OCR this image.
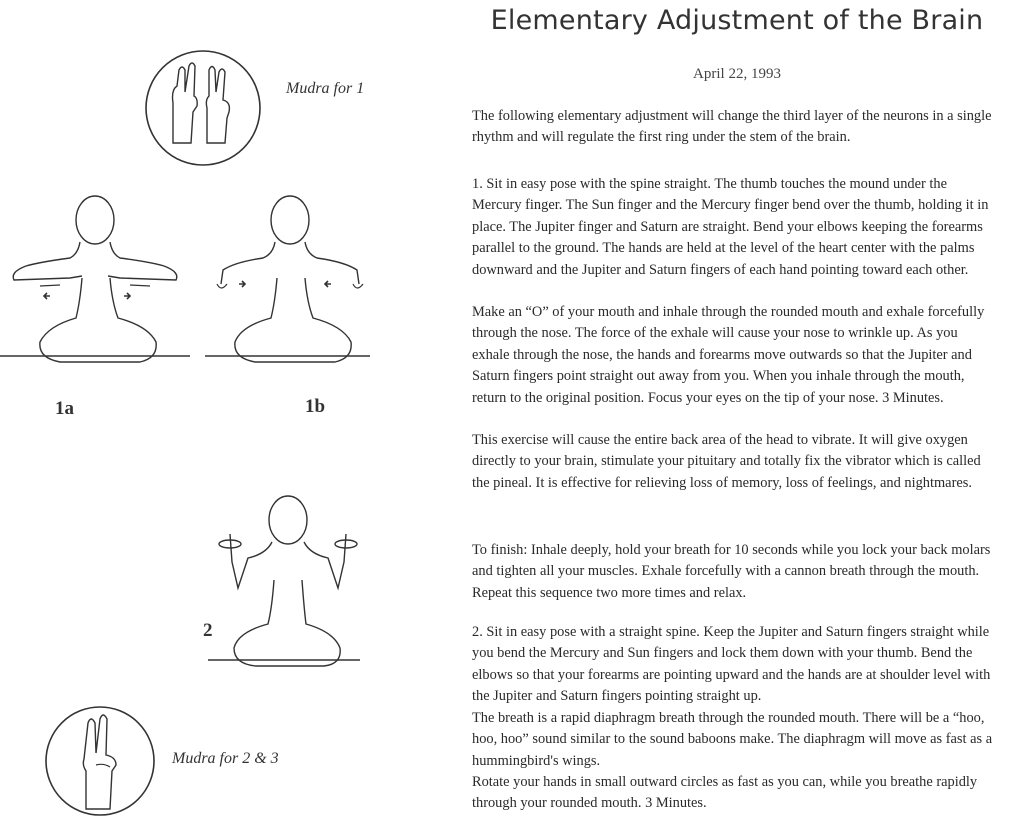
Mudra for 1
1a	1b
2
Mudra for 2 & 3
Elementary Adjustment of the Brain
April 22, 1993

The following elementary adjustment will change the third layer of the neurons in a single rhythm and will regulate the first ring under the stem of the brain.

1. Sit in easy pose with the spine straight. The thumb touches the mound under the Mercury finger. The Sun finger and the Mercury finger bend over the thumb, holding it in place. The Jupiter finger and Saturn are straight. Bend your elbows keeping the forearms parallel to the ground. The hands are held at the level of the heart center with the palms downward and the Jupiter and Saturn fingers of each hand pointing toward each other.

Make an “O” of your mouth and inhale through the rounded mouth and exhale forcefully through the nose. The force of the exhale will cause your nose to wrinkle up. As you exhale through the nose, the hands and forearms move outwards so that the Jupiter and Saturn fingers point straight out away from you. When you inhale through the mouth, return to the original position. Focus your eyes on the tip of your nose. 3 Minutes.

This exercise will cause the entire back area of the head to vibrate. It will give oxygen directly to your brain, stimulate your pituitary and totally fix the vibrator which is called the pineal. It is effective for relieving loss of memory, loss of feelings, and nightmares.

To finish: Inhale deeply, hold your breath for 10 seconds while you lock your back molars and tighten all your muscles. Exhale forcefully with a cannon breath through the mouth. Repeat this sequence two more times and relax.

2. Sit in easy pose with a straight spine. Keep the Jupiter and Saturn fingers straight while you bend the Mercury and Sun fingers and lock them down with your thumb. Bend the elbows so that your forearms are pointing upward and the hands are at shoulder level with the Jupiter and Saturn fingers pointing straight up.

The breath is a rapid diaphragm breath through the rounded mouth. There will be a “hoo, hoo, hoo” sound similar to the sound baboons make. The diaphragm will move as fast as a hummingbird's wings.

Rotate your hands in small outward circles as fast as you can, while you breathe rapidly through your rounded mouth. 3 Minutes.
